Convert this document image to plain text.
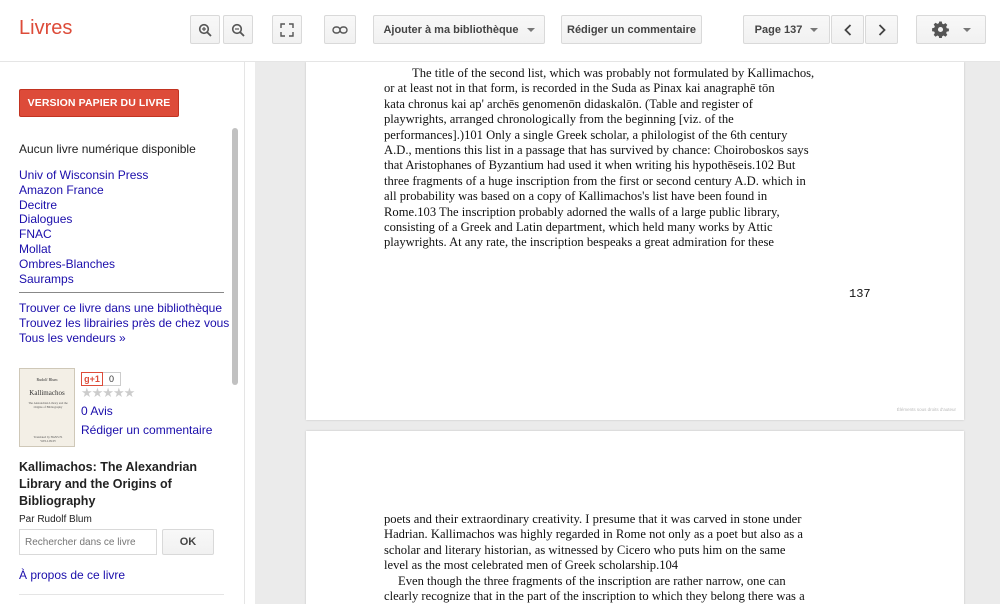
Livres	Ajouter à ma bibliothèque	Rédiger un commentaire	Page 137
VERSION PAPIER DU LIVRE
Aucun livre numérique disponible
Univ of Wisconsin Press
Amazon France
Decitre
Dialogues
FNAC
Mollat
Ombres-Blanches
Sauramps
Trouver ce livre dans une bibliothèque
Trouvez les librairies près de chez vous
Tous les vendeurs »
Rudolf Blum
Kallimachos
The Alexandrian Library and the Origins of Bibliography
Translated by HANS H. WELLISCH
g+1	0
★★★★★
0 Avis
Rédiger un commentaire
Kallimachos: The Alexandrian Library and the Origins of Bibliography
Par Rudolf Blum
Rechercher dans ce livre
OK
À propos de ce livre
The title of the second list, which was probably not formulated by Kallimachos,
or at least not in that form, is recorded in the Suda as Pinax kai anagraphē tōn
kata chronus kai ap' archēs genomenōn didaskalōn. (Table and register of
playwrights, arranged chronologically from the beginning [viz. of the
performances].)101 Only a single Greek scholar, a philologist of the 6th century
A.D., mentions this list in a passage that has survived by chance: Choiroboskos says
that Aristophanes of Byzantium had used it when writing his hypothēseis.102 But
three fragments of a huge inscription from the first or second century A.D. which in
all probability was based on a copy of Kallimachos's list have been found in
Rome.103 The inscription probably adorned the walls of a large public library,
consisting of a Greek and Latin department, which held many works by Attic
playwrights. At any rate, the inscription bespeaks a great admiration for these
137
Éléments sous droits d'auteur
poets and their extraordinary creativity. I presume that it was carved in stone under
Hadrian. Kallimachos was highly regarded in Rome not only as a poet but also as a
scholar and literary historian, as witnessed by Cicero who puts him on the same
level as the most celebrated men of Greek scholarship.104
Even though the three fragments of the inscription are rather narrow, one can
clearly recognize that in the part of the inscription to which they belong there was a
